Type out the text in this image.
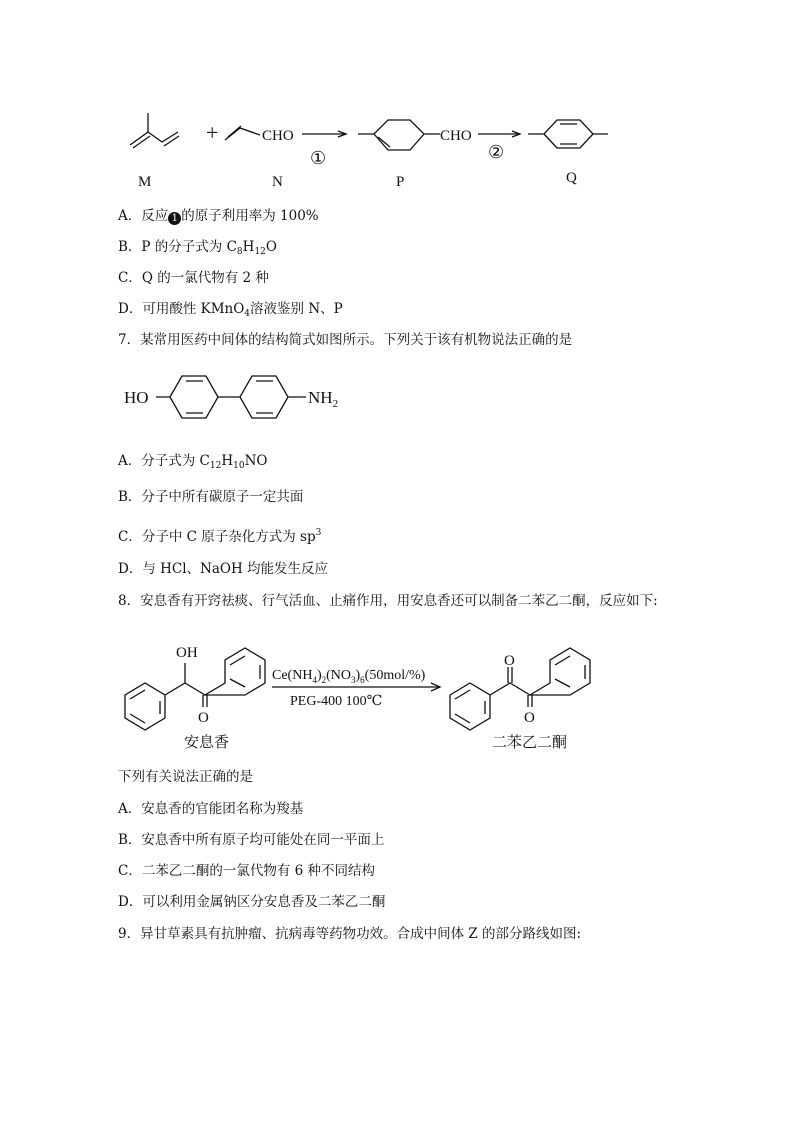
+	CHO	CHO
①	②
M	N	P	Q
A．反应 1 的原子利用率为 100%
B．P 的分子式为 $C_8H_{12}O$
C．Q 的一氯代物有 2 种
D．可用酸性 KMnO$_4$溶液鉴别 N、P
7．某常用医药中间体的结构简式如图所示。下列关于该有机物说法正确的是
HO	$NH_2$
A．分子式为 $C_{12}H_{10}NO$
B．分子中所有碳原子一定共面
C．分子中 C 原子杂化方式为 $sp^3$
D．与 HCl、NaOH 均能发生反应
8．安息香有开窍祛痰、行气活血、止痛作用，用安息香还可以制备二苯乙二酮，反应如下:
OH
O
O
O
$Ce(NH_4)_2(NO_3)_6(50mol/\%)$
PEG-400 100℃
安息香	二苯乙二酮
下列有关说法正确的是
A．安息香的官能团名称为羧基
B．安息香中所有原子均可能处在同一平面上
C．二苯乙二酮的一氯代物有 6 种不同结构
D．可以利用金属钠区分安息香及二苯乙二酮
9．异甘草素具有抗肿瘤、抗病毒等药物功效。合成中间体 Z 的部分路线如图:
